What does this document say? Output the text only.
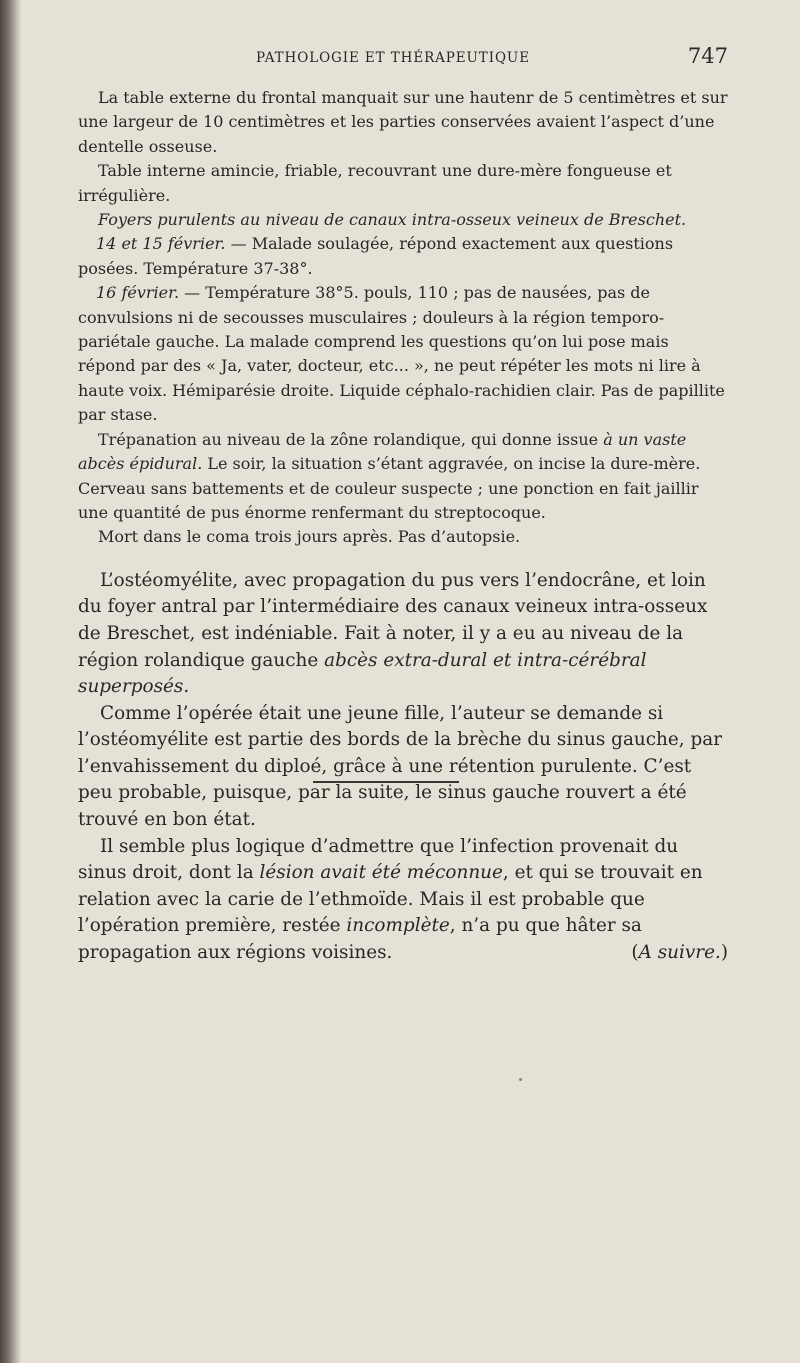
PATHOLOGIE ET THÉRAPEUTIQUE	747

La table externe du frontal manquait sur une hautenr de 5 centimètres et sur une largeur de 10 centimètres et les parties conservées avaient l’aspect d’une dentelle osseuse.

Table interne amincie, friable, recouvrant une dure-mère fongueuse et irrégulière.

Foyers purulents au niveau de canaux intra-osseux veineux de Breschet.

14 et 15 février. — Malade soulagée, répond exactement aux questions posées. Température 37-38°.

16 février. — Température 38°5. pouls, 110 ; pas de nausées, pas de convulsions ni de secousses musculaires ; douleurs à la région temporo-pariétale gauche. La malade comprend les questions qu’on lui pose mais répond par des « Ja, vater, docteur, etc... », ne peut répéter les mots ni lire à haute voix. Hémiparésie droite. Liquide céphalo-rachidien clair. Pas de papillite par stase.

Trépanation au niveau de la zône rolandique, qui donne issue à un vaste abcès épidural. Le soir, la situation s’étant aggravée, on incise la dure-mère. Cerveau sans battements et de couleur suspecte ; une ponction en fait jaillir une quantité de pus énorme renfermant du streptocoque.

Mort dans le coma trois jours après. Pas d’autopsie.

L’ostéomyélite, avec propagation du pus vers l’endocrâne, et loin du foyer antral par l’intermédiaire des canaux veineux intra-osseux de Breschet, est indéniable. Fait à noter, il y a eu au niveau de la région rolandique gauche abcès extra-dural et intra-cérébral superposés.

Comme l’opérée était une jeune fille, l’auteur se demande si l’ostéomyélite est partie des bords de la brèche du sinus gauche, par l’envahissement du diploé, grâce à une rétention purulente. C’est peu probable, puisque, par la suite, le sinus gauche rouvert a été trouvé en bon état.

Il semble plus logique d’admettre que l’infection provenait du sinus droit, dont la lésion avait été méconnue, et qui se trouvait en relation avec la carie de l’ethmoïde. Mais il est probable que l’opération première, restée incomplète, n’a pu que hâter sa propagation aux régions voisines.	(A suivre.)
